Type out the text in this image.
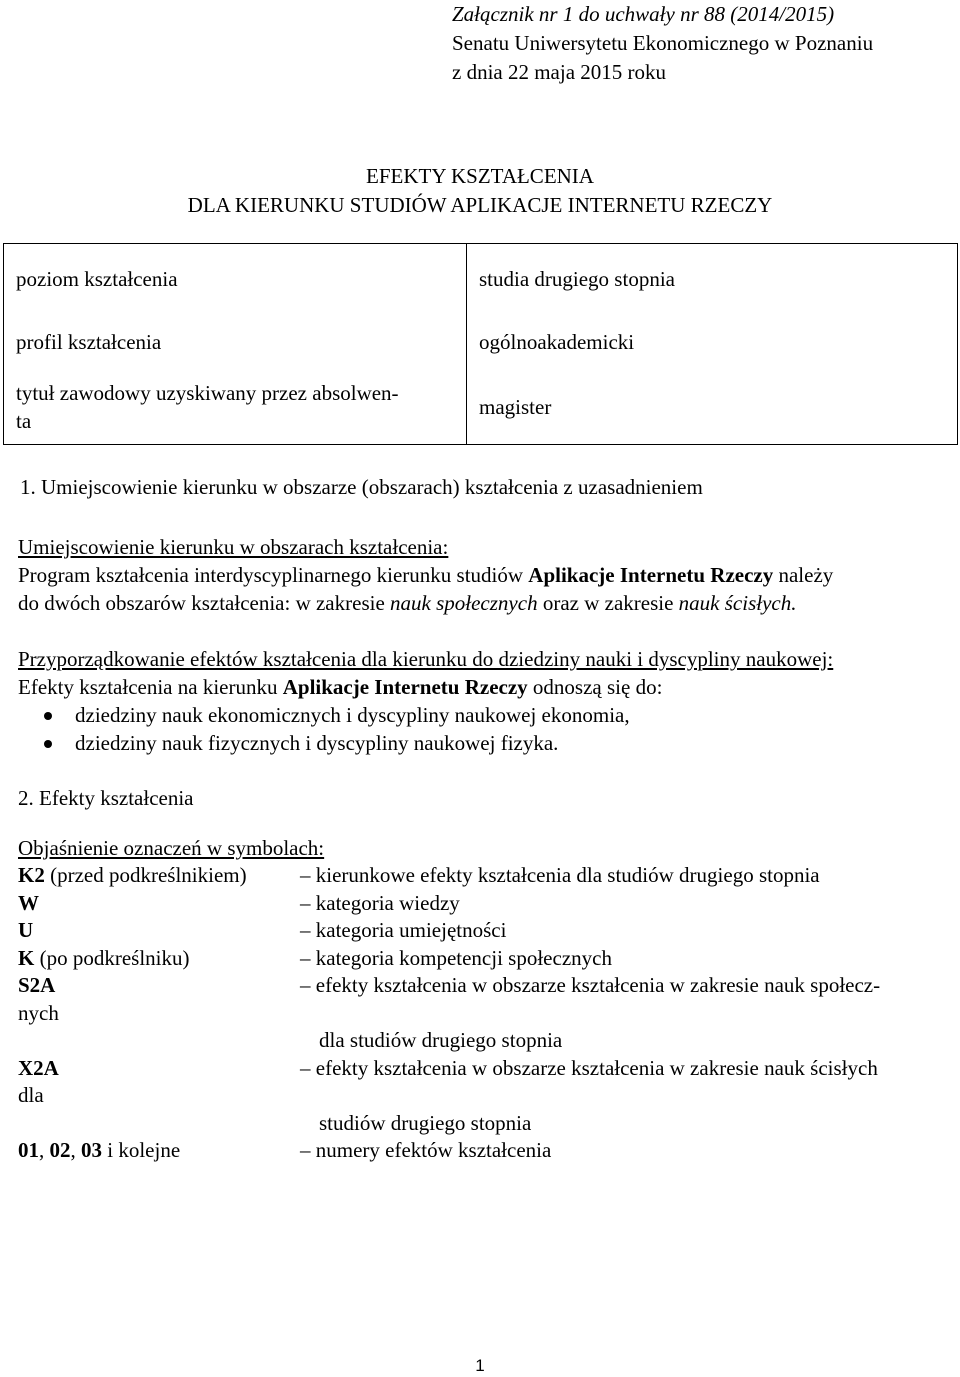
Załącznik nr 1 do uchwały nr 88 (2014/2015)
Senatu Uniwersytetu Ekonomicznego w Poznaniu
z dnia 22 maja 2015 roku
EFEKTY KSZTAŁCENIA
DLA KIERUNKU STUDIÓW APLIKACJE INTERNETU RZECZY
poziom kształcenia	studia drugiego stopnia
profil kształcenia	ogólnoakademicki

tytuł zawodowy uzyskiwany przez absolwen-
ta	magister
1. Umiejscowienie kierunku w obszarze (obszarach) kształcenia z uzasadnieniem
Umiejscowienie kierunku w obszarach kształcenia:
Program kształcenia interdyscyplinarnego kierunku studiów Aplikacje Internetu Rzeczy należy
do dwóch obszarów kształcenia: w zakresie nauk społecznych oraz w zakresie nauk ścisłych.
Przyporządkowanie efektów kształcenia dla kierunku do dziedziny nauki i dyscypliny naukowej:
Efekty kształcenia na kierunku Aplikacje Internetu Rzeczy odnoszą się do:
dziedziny nauk ekonomicznych i dyscypliny naukowej ekonomia,
dziedziny nauk fizycznych i dyscypliny naukowej fizyka.
2. Efekty kształcenia
Objaśnienie oznaczeń w symbolach:
K2 (przed podkreślnikiem)	– kierunkowe efekty kształcenia dla studiów drugiego stopnia
W	– kategoria wiedzy
U	– kategoria umiejętności
K (po podkreślniku)	– kategoria kompetencji społecznych
S2A	– efekty kształcenia w obszarze kształcenia w zakresie nauk społecz-
nych
dla studiów drugiego stopnia
X2A	– efekty kształcenia w obszarze kształcenia w zakresie nauk ścisłych
dla
studiów drugiego stopnia
01, 02, 03 i kolejne	– numery efektów kształcenia
1
